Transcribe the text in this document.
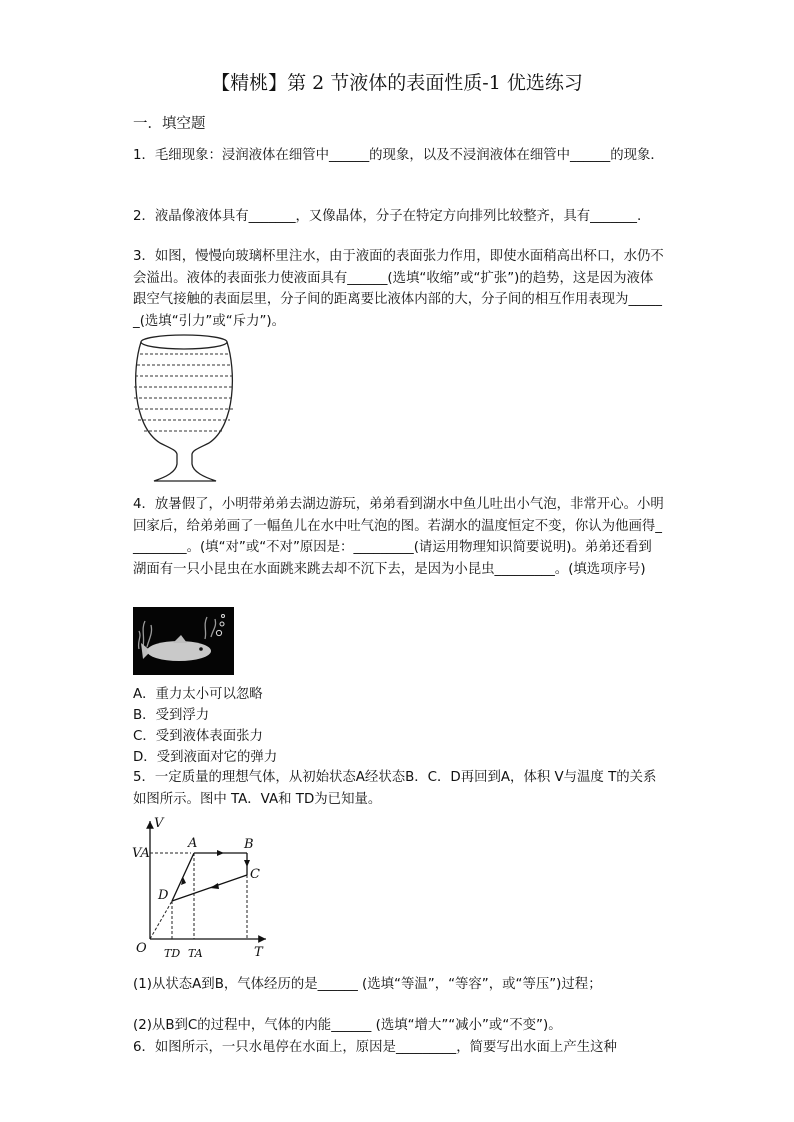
【精桃】第 2 节液体的表面性质-1 优选练习
一．填空题
1．毛细现象：浸润液体在细管中______的现象，以及不浸润液体在细管中______的现象．
2．液晶像液体具有_______，又像晶体，分子在特定方向排列比较整齐，具有_______.
3．如图，慢慢向玻璃杯里注水，由于液面的表面张力作用，即使水面稍高出杯口，水仍不会溢出。液体的表面张力使液面具有______(选填“收缩”或“扩张”)的趋势，这是因为液体跟空气接触的表面层里，分子间的距离要比液体内部的大，分子间的相互作用表现为______(选填“引力”或“斥力”)。
4．放暑假了，小明带弟弟去湖边游玩，弟弟看到湖水中鱼儿吐出小气泡，非常开心。小明回家后，给弟弟画了一幅鱼儿在水中吐气泡的图。若湖水的温度恒定不变，你认为他画得_________。(填“对”或“不对”原因是：_________(请运用物理知识简要说明)。弟弟还看到湖面有一只小昆虫在水面跳来跳去却不沉下去，是因为小昆虫_________。(填选项序号)
A．重力太小可以忽略
B．受到浮力
C．受到液体表面张力
D．受到液面对它的弹力
5．一定质量的理想气体，从初始状态A经状态B．C．D再回到A，体积 V与温度 T的关系如图所示。图中 TA．VA和 TD为已知量。
V
T
O
VA
TD TA
A	B
C
D
(1)从状态A到B，气体经历的是______ (选填“等温”，“等容”，或“等压”)过程；
(2)从B到C的过程中，气体的内能______ (选填“增大”“减小”或“不变”)。
6．如图所示，一只水黾停在水面上，原因是_________，简要写出水面上产生这种
